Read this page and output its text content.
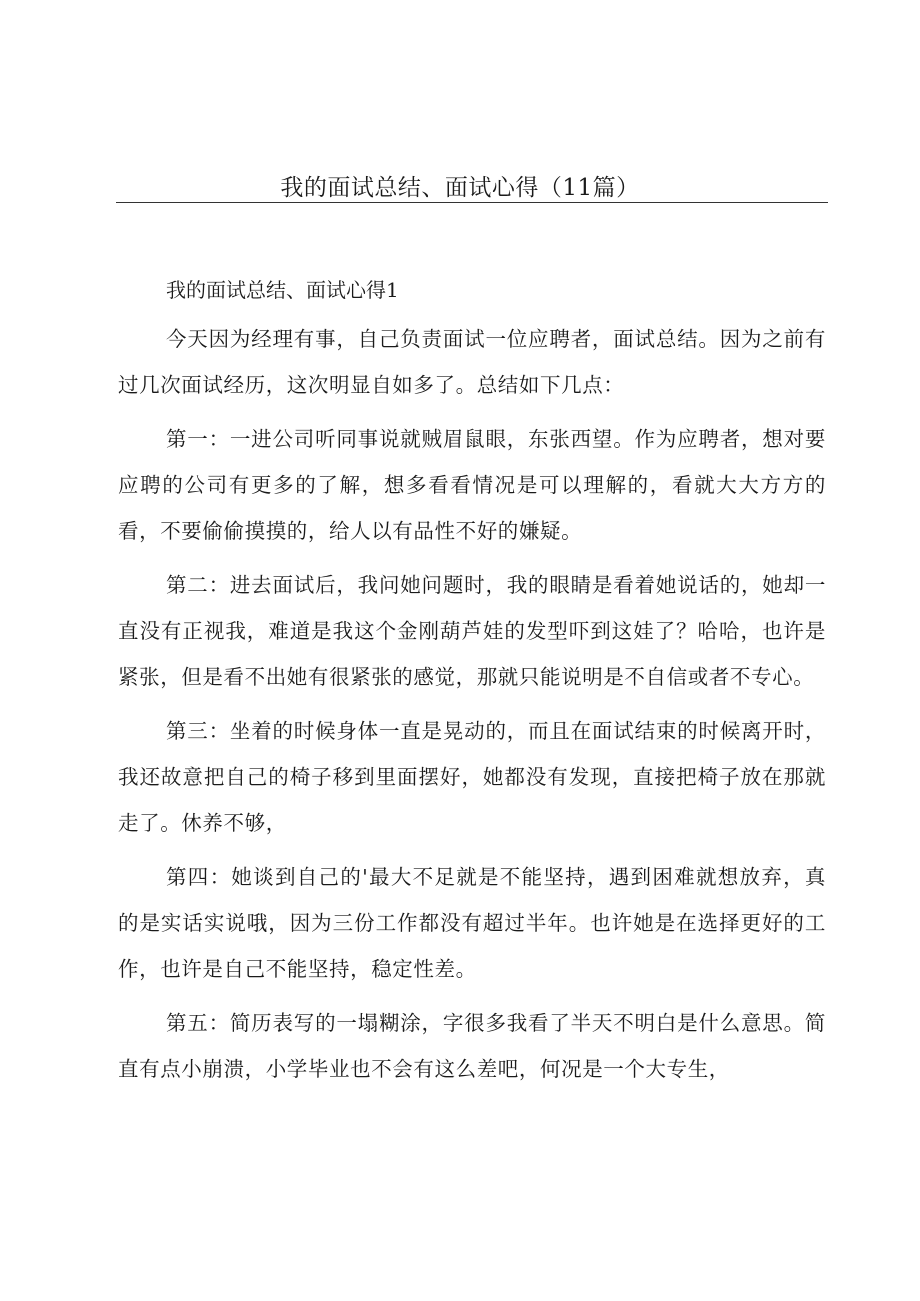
我的面试总结、面试心得（11篇）

我的面试总结、面试心得1

今天因为经理有事，自己负责面试一位应聘者，面试总结。因为之前有过几次面试经历，这次明显自如多了。总结如下几点：

第一：一进公司听同事说就贼眉鼠眼，东张西望。作为应聘者，想对要应聘的公司有更多的了解，想多看看情况是可以理解的，看就大大方方的看，不要偷偷摸摸的，给人以有品性不好的嫌疑。

第二：进去面试后，我问她问题时，我的眼睛是看着她说话的，她却一直没有正视我，难道是我这个金刚葫芦娃的发型吓到这娃了？哈哈，也许是紧张，但是看不出她有很紧张的感觉，那就只能说明是不自信或者不专心。

第三：坐着的时候身体一直是晃动的，而且在面试结束的时候离开时，我还故意把自己的椅子移到里面摆好，她都没有发现，直接把椅子放在那就走了。休养不够，

第四：她谈到自己的'最大不足就是不能坚持，遇到困难就想放弃，真的是实话实说哦，因为三份工作都没有超过半年。也许她是在选择更好的工作，也许是自己不能坚持，稳定性差。

第五：简历表写的一塌糊涂，字很多我看了半天不明白是什么意思。简直有点小崩溃，小学毕业也不会有这么差吧，何况是一个大专生，
